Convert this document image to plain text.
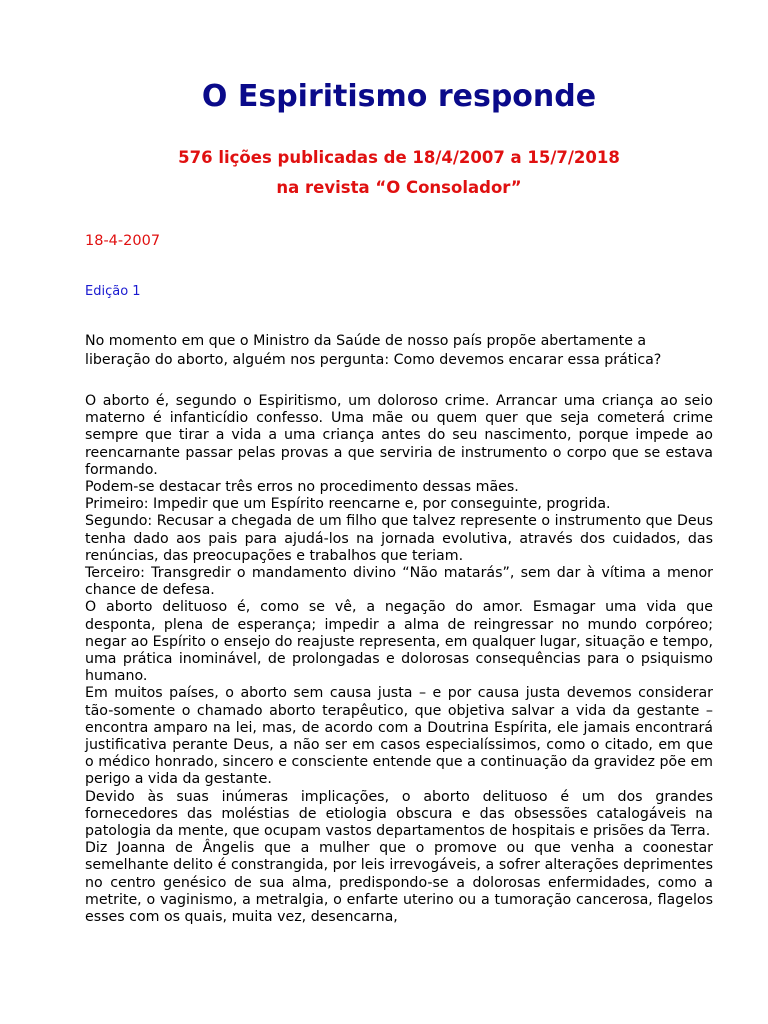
O Espiritismo responde
576 lições publicadas de 18/4/2007 a 15/7/2018
na revista “O Consolador”
18-4-2007
Edição 1

No momento em que o Ministro da Saúde de nosso país propõe abertamente a liberação do aborto, alguém nos pergunta: Como devemos encarar essa prática?

O aborto é, segundo o Espiritismo, um doloroso crime. Arrancar uma criança ao seio materno é infanticídio confesso. Uma mãe ou quem quer que seja cometerá crime sempre que tirar a vida a uma criança antes do seu nascimento, porque impede ao reencarnante passar pelas provas a que serviria de instrumento o corpo que se estava formando.

Podem-se destacar três erros no procedimento dessas mães.

Primeiro: Impedir que um Espírito reencarne e, por conseguinte, progrida.

Segundo: Recusar a chegada de um filho que talvez represente o instrumento que Deus tenha dado aos pais para ajudá-los na jornada evolutiva, através dos cuidados, das renúncias, das preocupações e trabalhos que teriam.

Terceiro: Transgredir o mandamento divino “Não matarás”, sem dar à vítima a menor chance de defesa.

O aborto delituoso é, como se vê, a negação do amor. Esmagar uma vida que desponta, plena de esperança; impedir a alma de reingressar no mundo corpóreo; negar ao Espírito o ensejo do reajuste representa, em qualquer lugar, situação e tempo, uma prática inominável, de prolongadas e dolorosas consequências para o psiquismo humano.

Em muitos países, o aborto sem causa justa – e por causa justa devemos considerar tão-somente o chamado aborto terapêutico, que objetiva salvar a vida da gestante – encontra amparo na lei, mas, de acordo com a Doutrina Espírita, ele jamais encontrará justificativa perante Deus, a não ser em casos especialíssimos, como o citado, em que o médico honrado, sincero e consciente entende que a continuação da gravidez põe em perigo a vida da gestante.

Devido às suas inúmeras implicações, o aborto delituoso é um dos grandes fornecedores das moléstias de etiologia obscura e das obsessões catalogáveis na patologia da mente, que ocupam vastos departamentos de hospitais e prisões da Terra.

Diz Joanna de Ângelis que a mulher que o promove ou que venha a coonestar semelhante delito é constrangida, por leis irrevogáveis, a sofrer alterações deprimentes no centro genésico de sua alma, predispondo-se a dolorosas enfermidades, como a metrite, o vaginismo, a metralgia, o enfarte uterino ou a tumoração cancerosa, flagelos esses com os quais, muita vez, desencarna,
